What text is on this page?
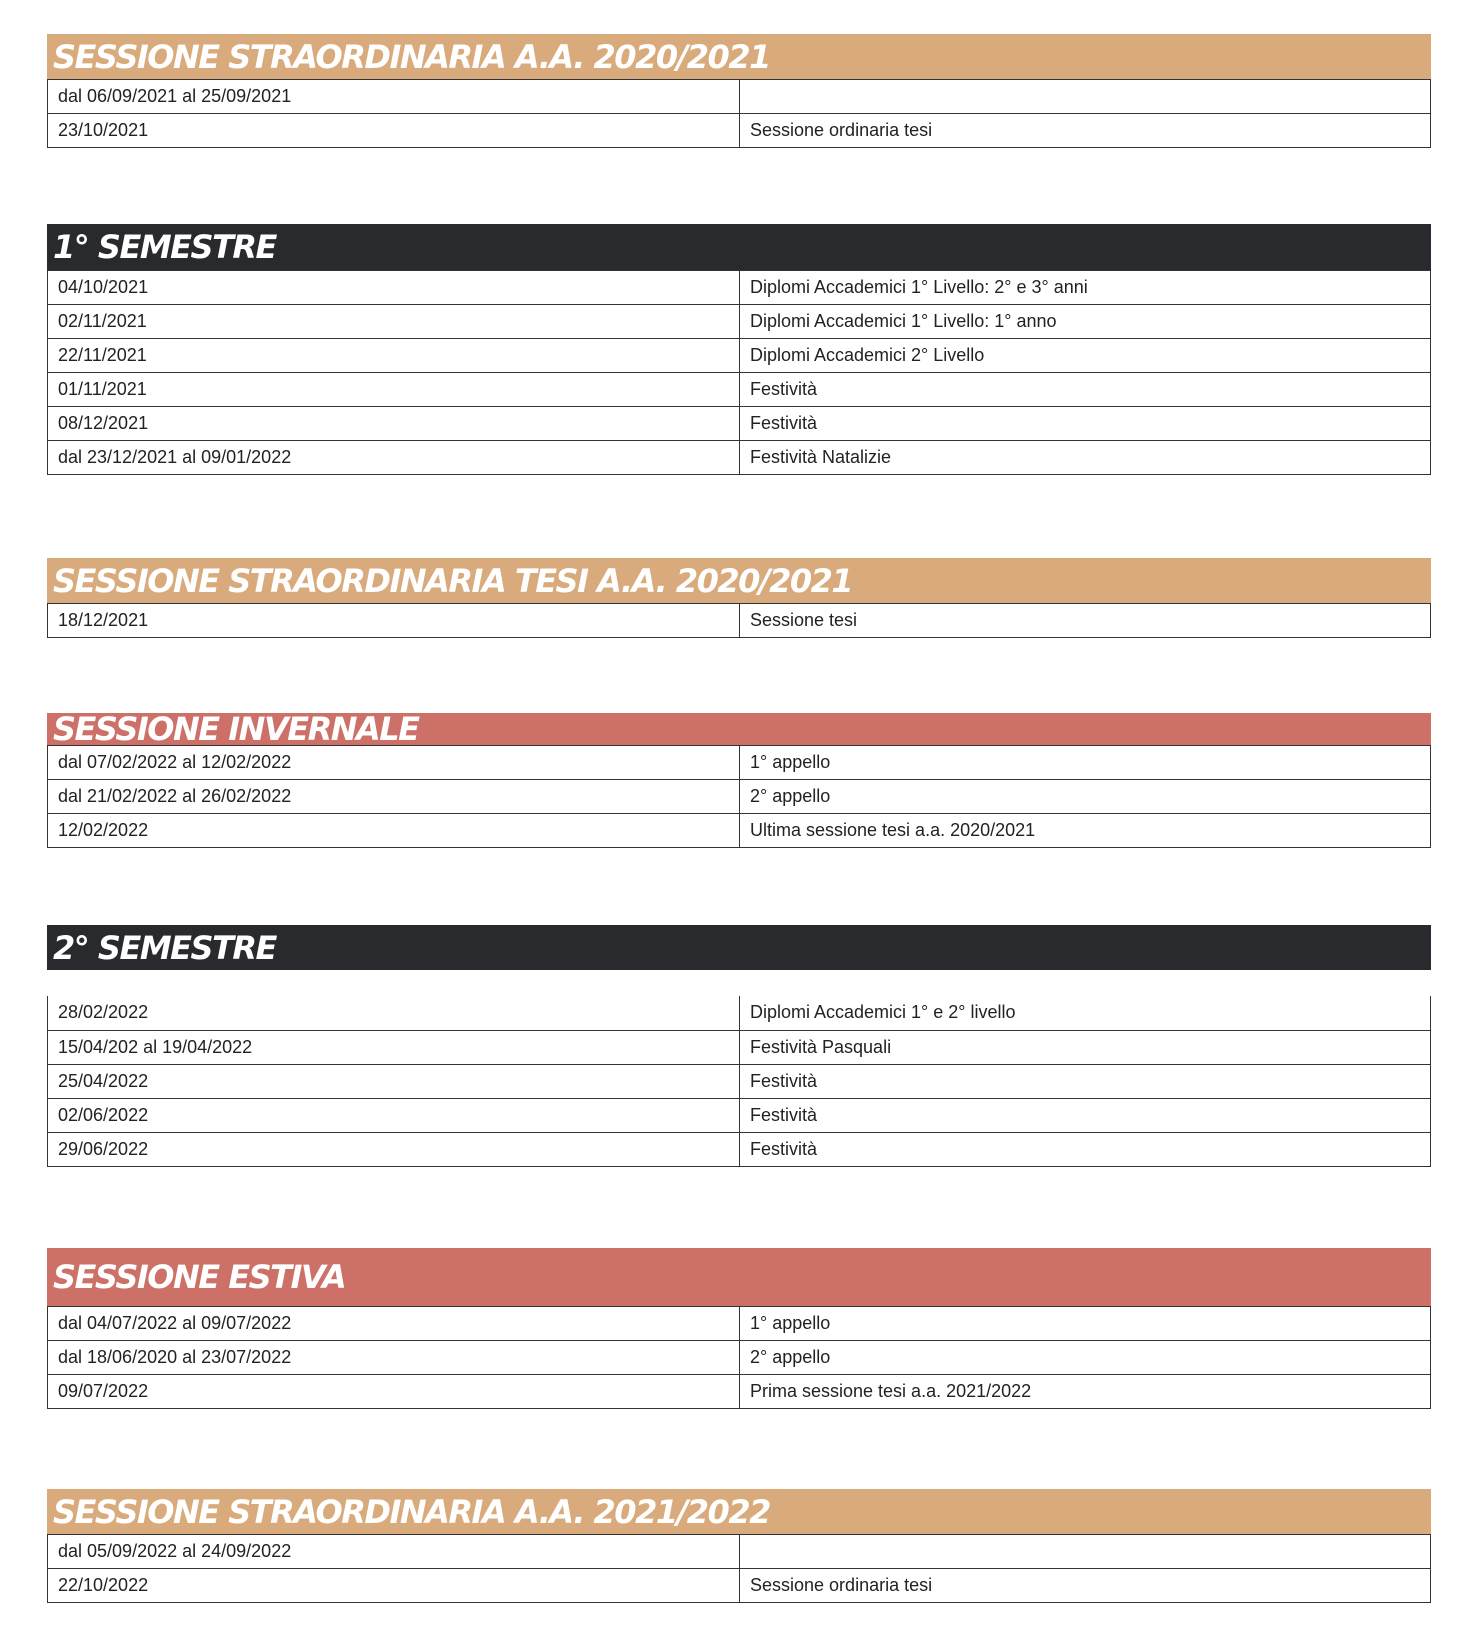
SESSIONE STRAORDINARIA A.A. 2020/2021
dal 06/09/2021 al 25/09/2021	
23/10/2021	Sessione ordinaria tesi
1° SEMESTRE
04/10/2021	Diplomi Accademici 1° Livello: 2° e 3° anni
02/11/2021	Diplomi Accademici 1° Livello: 1° anno
22/11/2021	Diplomi Accademici 2° Livello
01/11/2021	Festività
08/12/2021	Festività
dal 23/12/2021 al 09/01/2022	Festività Natalizie
SESSIONE STRAORDINARIA TESI A.A. 2020/2021
18/12/2021	Sessione tesi
SESSIONE INVERNALE
dal 07/02/2022 al 12/02/2022	1° appello
dal 21/02/2022 al 26/02/2022	2° appello
12/02/2022	Ultima sessione tesi a.a. 2020/2021
2° SEMESTRE
28/02/2022	Diplomi Accademici 1° e 2° livello
15/04/202 al 19/04/2022	Festività Pasquali
25/04/2022	Festività
02/06/2022	Festività
29/06/2022	Festività
SESSIONE ESTIVA
dal 04/07/2022 al 09/07/2022	1° appello
dal 18/06/2020 al 23/07/2022	2° appello
09/07/2022	Prima sessione tesi a.a. 2021/2022
SESSIONE STRAORDINARIA A.A. 2021/2022
dal 05/09/2022 al 24/09/2022	
22/10/2022	Sessione ordinaria tesi
